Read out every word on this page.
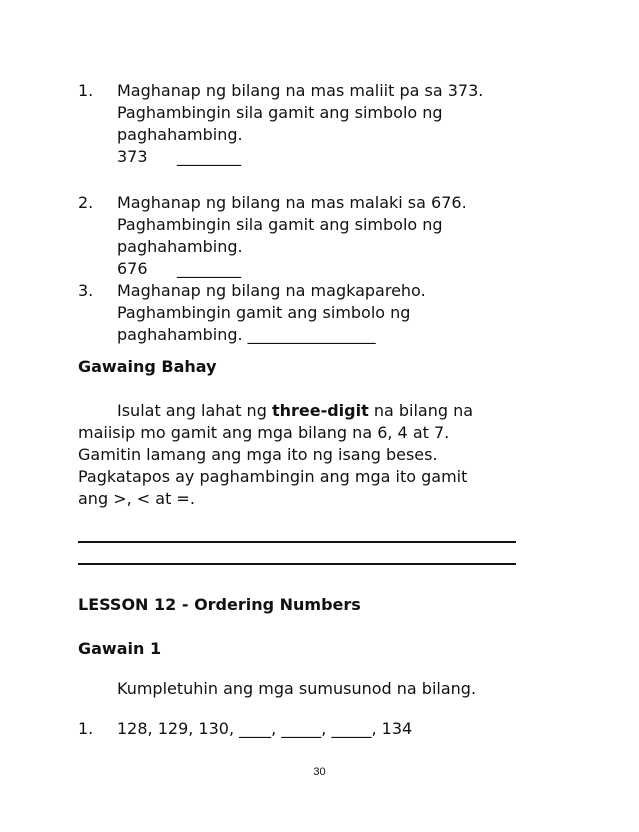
1. Maghanap ng bilang na mas maliit pa sa 373.
Paghambingin sila gamit ang simbolo ng
paghahambing.
373 ________
2. Maghanap ng bilang na mas malaki sa 676.
Paghambingin sila gamit ang simbolo ng
paghahambing.
676 ________
3. Maghanap ng bilang na magkapareho.
Paghambingin gamit ang simbolo ng
paghahambing. ________________
Gawaing Bahay
Isulat ang lahat ng three-digit na bilang na
maiisip mo gamit ang mga bilang na 6, 4 at 7.
Gamitin lamang ang mga ito ng isang beses.
Pagkatapos ay paghambingin ang mga ito gamit
ang >, < at =.
LESSON 12 - Ordering Numbers
Gawain 1
Kumpletuhin ang mga sumusunod na bilang.
1. 128, 129, 130, ____, _____, _____, 134
30
